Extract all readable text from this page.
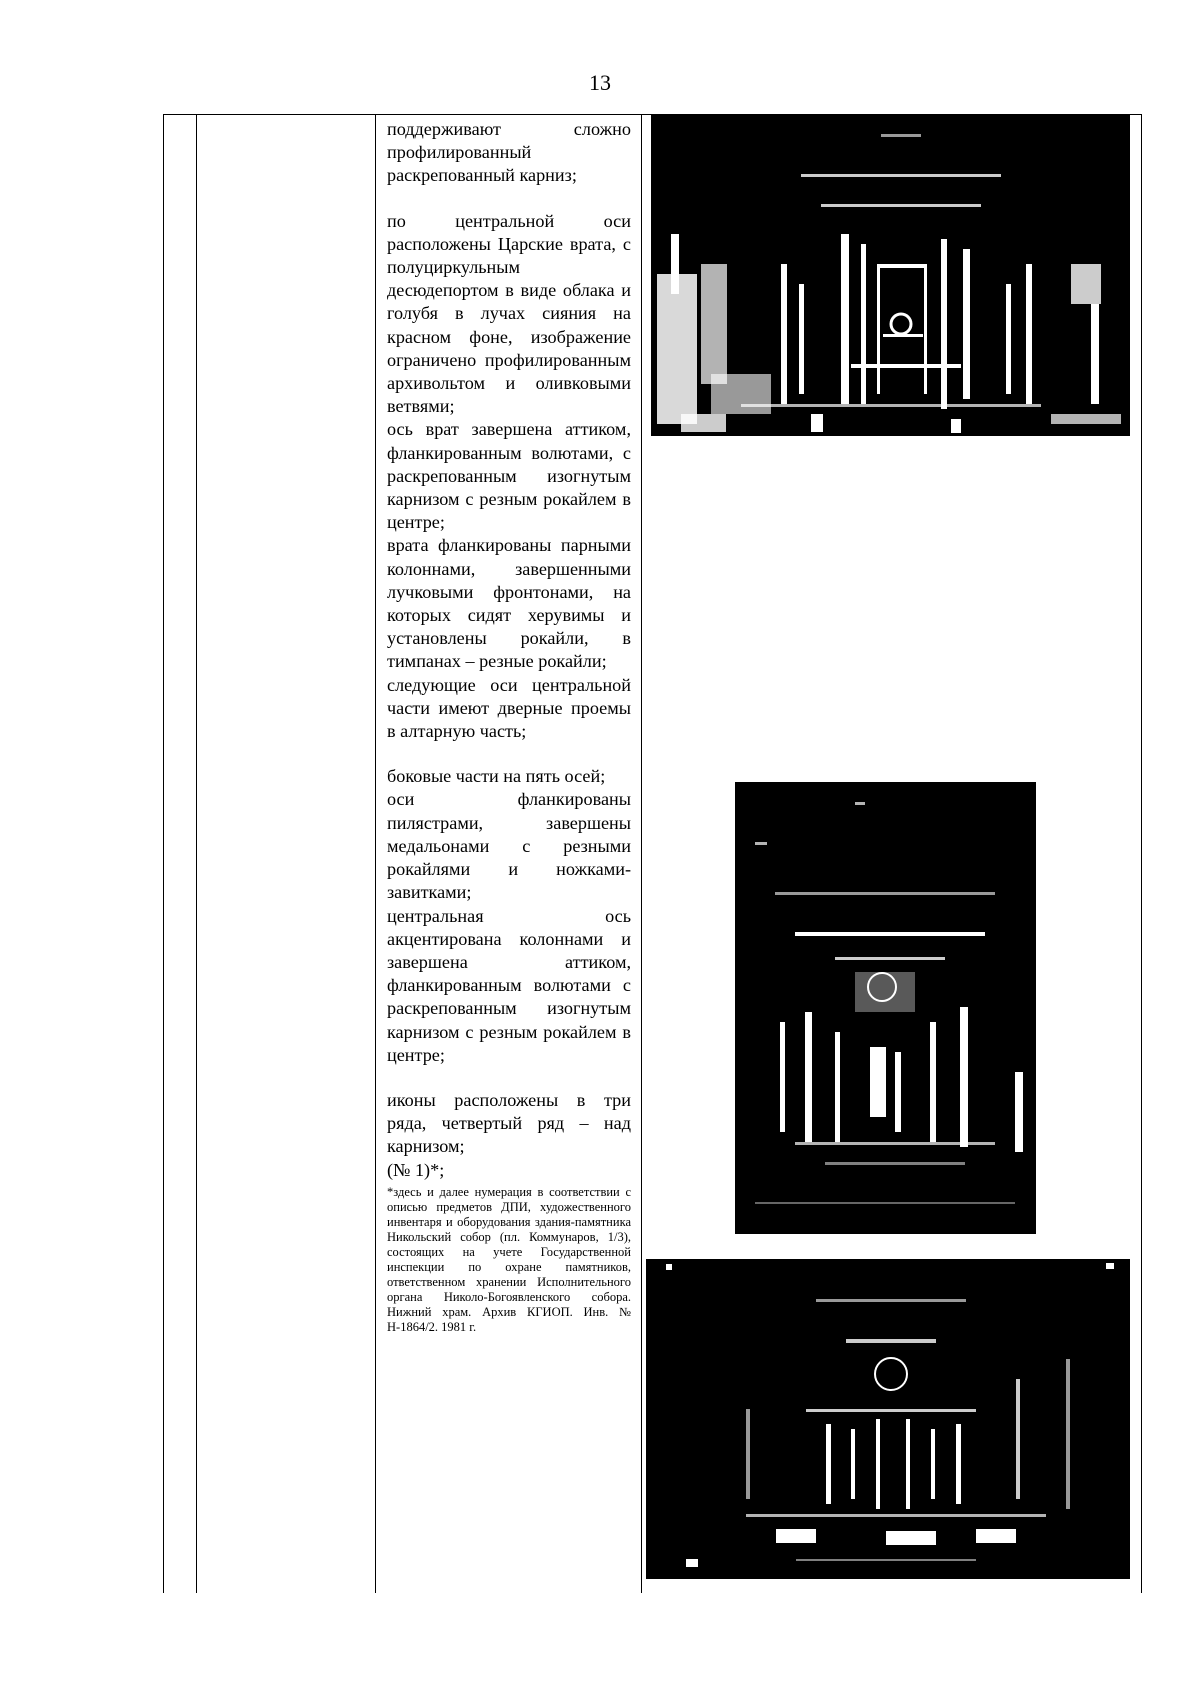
13

поддерживают сложно профилированный раскрепованный карниз;

по центральной оси расположены Царские врата, с полуциркульным десюдепортом в виде облака и голубя в лучах сияния на красном фоне, изображение ограничено профилированным архивольтом и оливковыми ветвями;

ось врат завершена аттиком, фланкированным волютами, с раскрепованным изогнутым карнизом с резным рокайлем в центре;

врата фланкированы парными колоннами, завершенными лучковыми фронтонами, на которых сидят херувимы и установлены рокайли, в тимпанах – резные рокайли;

следующие оси центральной части имеют дверные проемы в алтарную часть;

боковые части на пять осей;

оси фланкированы пилястрами, завершены медальонами с резными рокайлями и ножками-завитками;

центральная ось акцентирована колоннами и завершена аттиком, фланкированным волютами с раскрепованным изогнутым карнизом с резным рокайлем в центре;

иконы расположены в три ряда, четвертый ряд – над карнизом;

(№ 1)*;

*здесь и далее нумерация в соответствии с описью предметов ДПИ, художественного инвентаря и оборудования здания-памятника Никольский собор (пл. Коммунаров, 1/3), состоящих на учете Государственной инспекции по охране памятников, ответственном хранении Исполнительного органа Николо-Богоявленского собора. Нижний храм. Архив КГИОП. Инв. № Н-1864/2. 1981 г.
